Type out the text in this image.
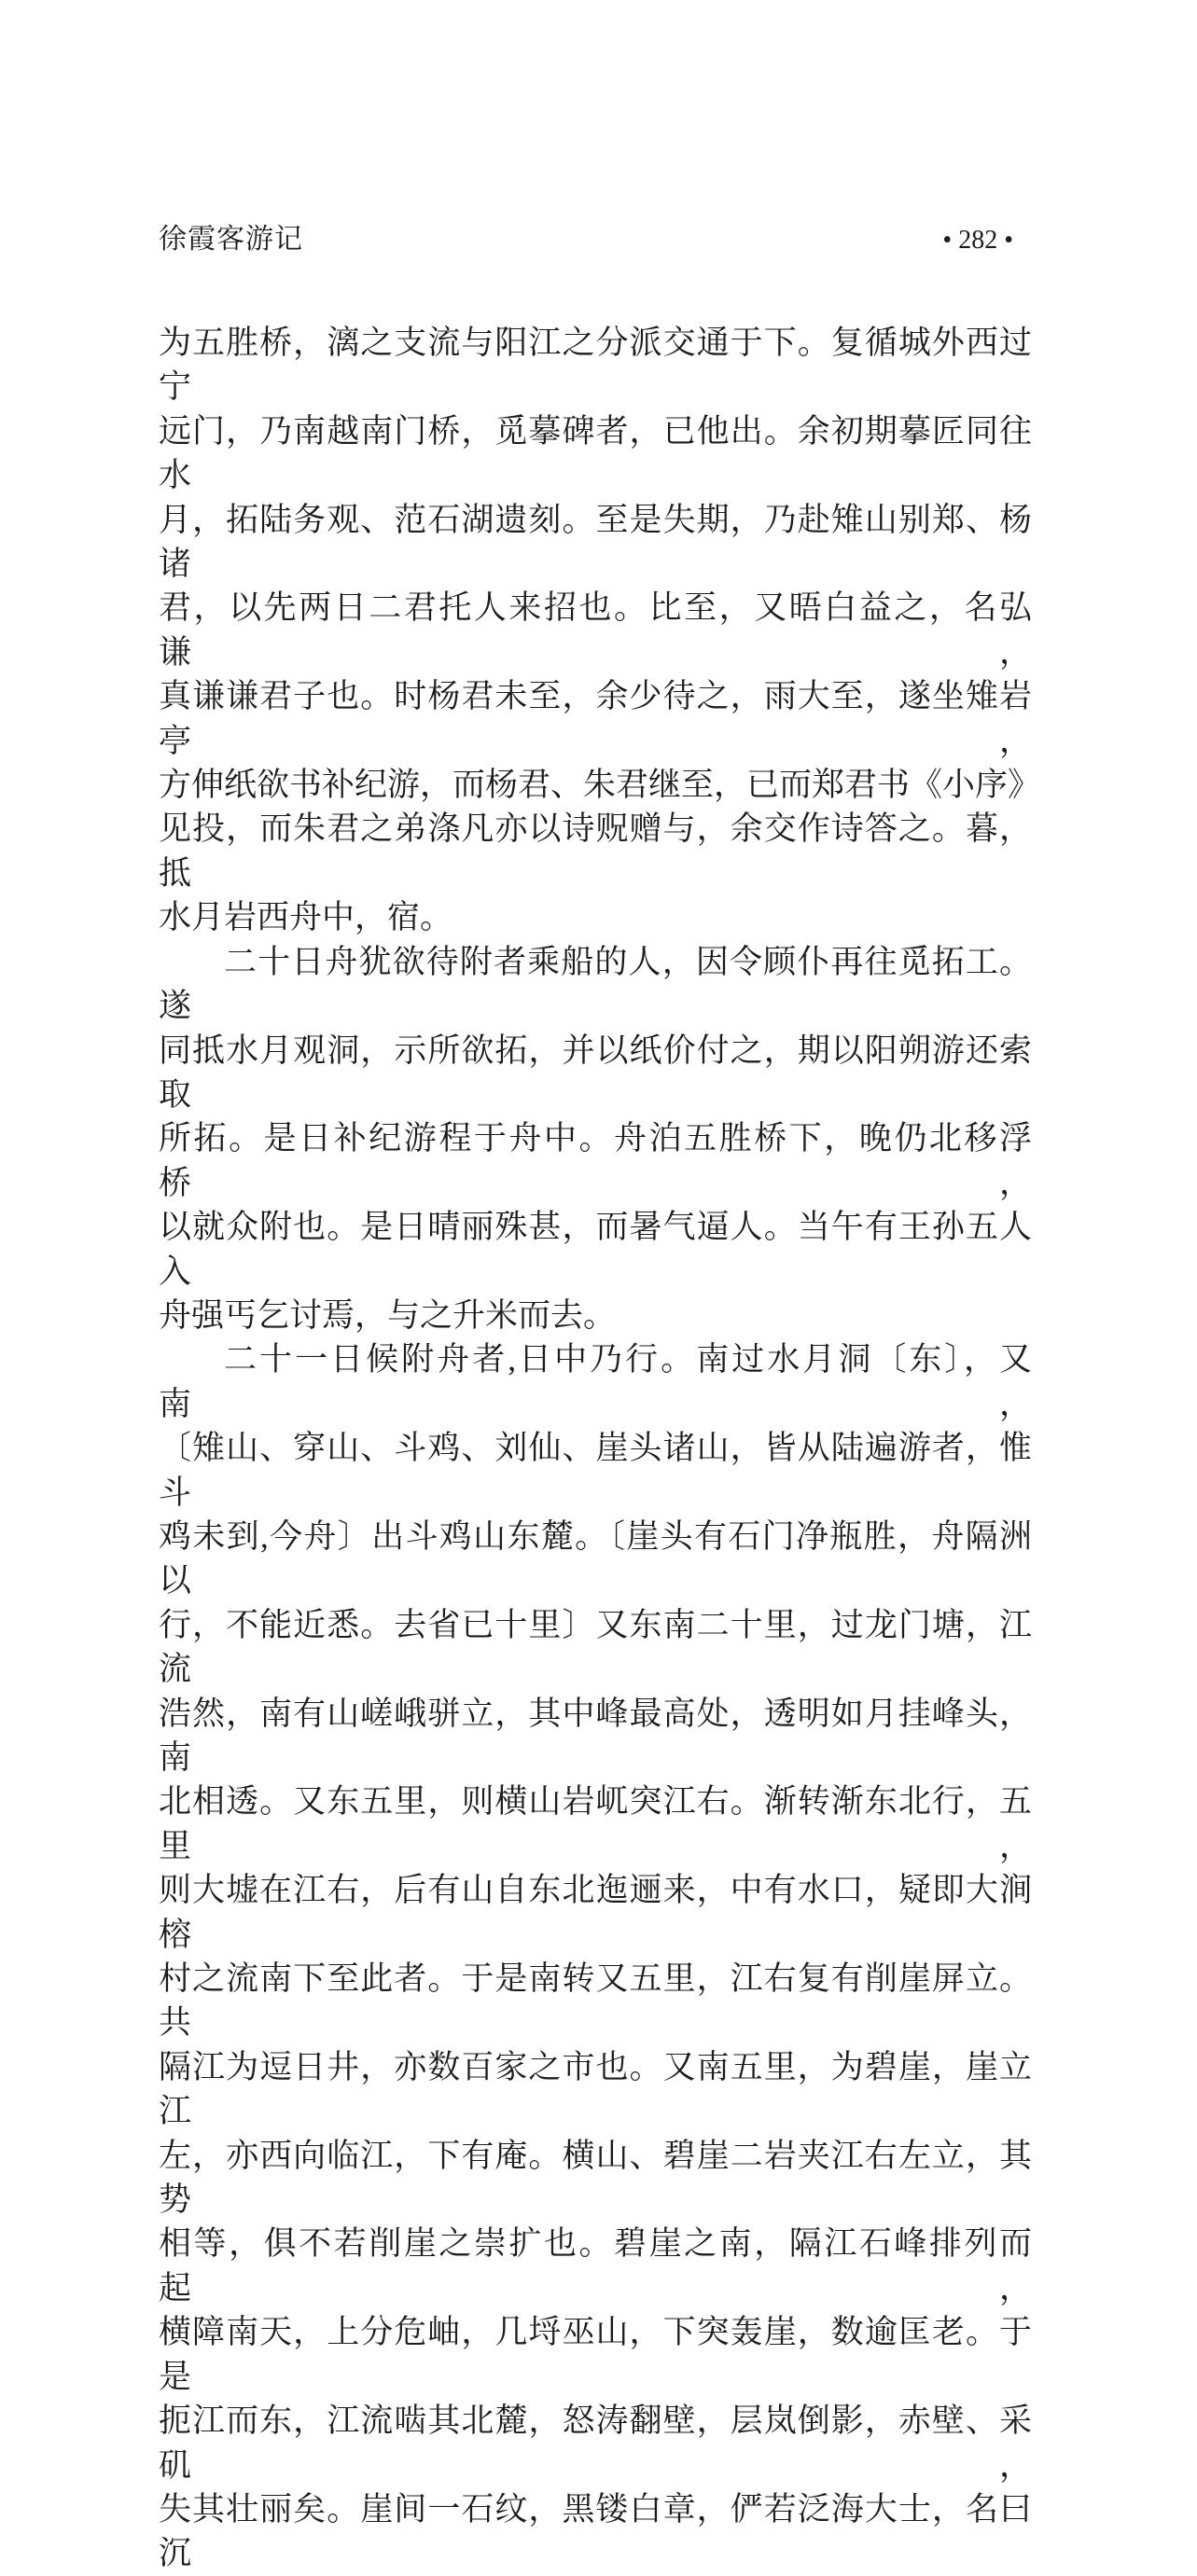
徐霞客游记	• 282 •
为五胜桥，漓之支流与阳江之分派交通于下。复循城外西过宁
远门，乃南越南门桥，觅摹碑者，已他出。余初期摹匠同往水
月，拓陆务观、范石湖遗刻。至是失期，乃赴雉山别郑、杨诸
君，以先两日二君托人来招也。比至，又晤白益之，名弘谦，
真谦谦君子也。时杨君未至，余少待之，雨大至，遂坐雉岩亭，
方伸纸欲书补纪游，而杨君、朱君继至，已而郑君书《小序》
见投，而朱君之弟涤凡亦以诗贶赠与，余交作诗答之。暮，抵
水月岩西舟中，宿。
二十日舟犹欲待附者乘船的人，因令顾仆再往觅拓工。遂
同抵水月观洞，示所欲拓，并以纸价付之，期以阳朔游还索取
所拓。是日补纪游程于舟中。舟泊五胜桥下，晚仍北移浮桥，
以就众附也。是日晴丽殊甚，而暑气逼人。当午有王孙五人入
舟强丐乞讨焉，与之升米而去。
二十一日候附舟者,日中乃行。南过水月洞〔东〕，又南，
〔雉山、穿山、斗鸡、刘仙、崖头诸山，皆从陆遍游者，惟斗
鸡未到,今舟〕出斗鸡山东麓。〔崖头有石门净瓶胜，舟隔洲以
行，不能近悉。去省已十里〕又东南二十里，过龙门塘，江流
浩然，南有山嵯峨骈立，其中峰最高处，透明如月挂峰头，南
北相透。又东五里，则横山岩屼突江右。渐转渐东北行，五里，
则大墟在江右，后有山自东北迤逦来，中有水口，疑即大涧榕
村之流南下至此者。于是南转又五里，江右复有削崖屏立。共
隔江为逗日井，亦数百家之市也。又南五里，为碧崖，崖立江
左，亦西向临江，下有庵。横山、碧崖二岩夹江右左立，其势
相等，俱不若削崖之崇扩也。碧崖之南，隔江石峰排列而起，
横障南天，上分危岫，几埒巫山，下突轰崖，数逾匡老。于是
扼江而东，江流啮其北麓，怒涛翻壁，层岚倒影，赤壁、采矶，
失其壮丽矣。崖间一石纹，黑镂白章，俨若泛海大士，名曰沉
